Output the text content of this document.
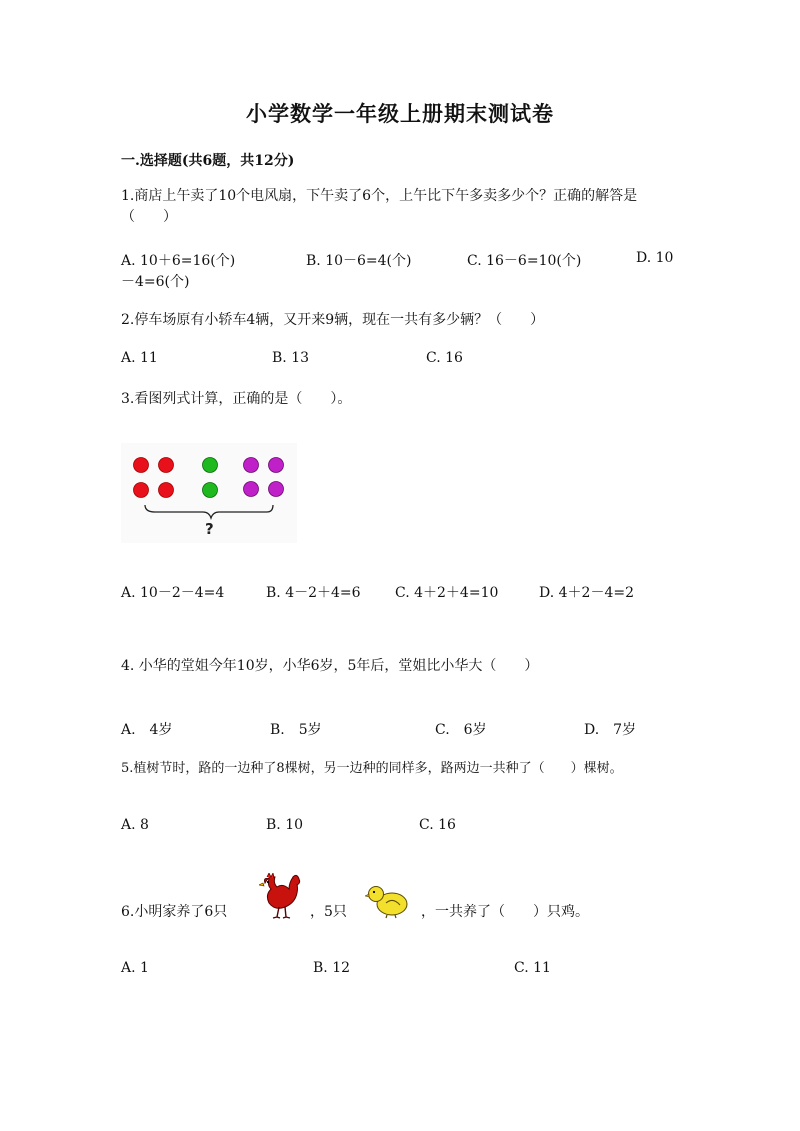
小学数学一年级上册期末测试卷
一.选择题(共6题，共12分)
1.商店上午卖了10个电风扇，下午卖了6个，上午比下午多卖多少个？正确的解答是（　　）
A. 10＋6=16(个)	B. 10－6=4(个)	C. 16－6=10(个)	D. 10
－4=6(个)
2.停车场原有小轿车4辆，又开来9辆，现在一共有多少辆？（　　）
A. 11	B. 13	C. 16
3.看图列式计算，正确的是（　　）。
?
A. 10－2－4=4	B. 4－2＋4=6 C. 4＋2＋4=10	D. 4＋2－4=2
4. 小华的堂姐今年10岁，小华6岁，5年后，堂姐比小华大（　　）
A.　4岁	B.　5岁	C.　6岁	D.　7岁
5.植树节时，路的一边种了8棵树，另一边种的同样多，路两边一共种了（　　）棵树。
A. 8	B. 10	C. 16
6.小明家养了6只	，5只	，一共养了（　　）只鸡。
A. 1	B. 12	C. 11
